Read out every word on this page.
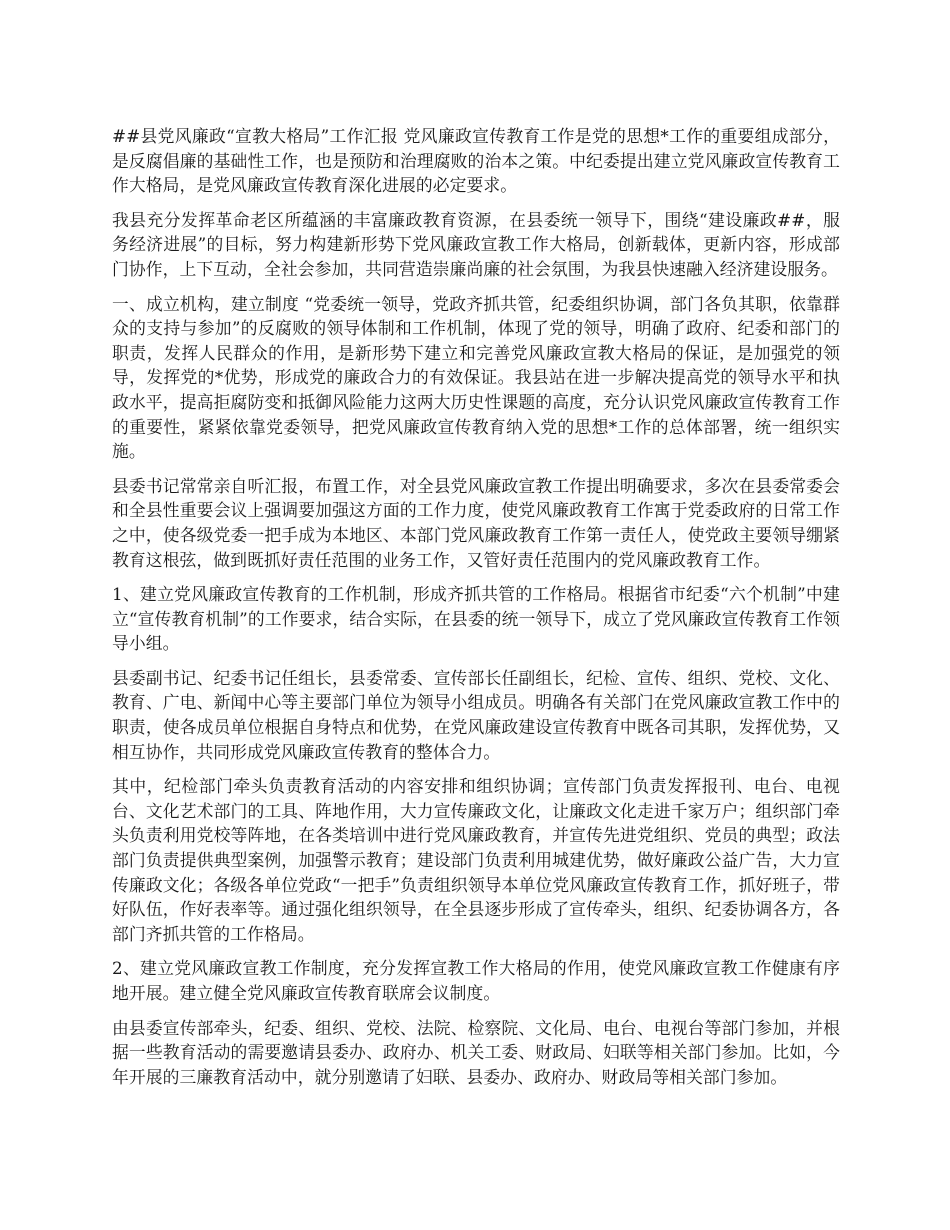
##县党风廉政“宣教大格局”工作汇报 党风廉政宣传教育工作是党的思想*工作的重要组成部分，是反腐倡廉的基础性工作，也是预防和治理腐败的治本之策。中纪委提出建立党风廉政宣传教育工作大格局，是党风廉政宣传教育深化进展的必定要求。

我县充分发挥革命老区所蕴涵的丰富廉政教育资源，在县委统一领导下，围绕“建设廉政##，服务经济进展”的目标，努力构建新形势下党风廉政宣教工作大格局，创新载体，更新内容，形成部门协作，上下互动，全社会参加，共同营造崇廉尚廉的社会氛围，为我县快速融入经济建设服务。

一、成立机构，建立制度 “党委统一领导，党政齐抓共管，纪委组织协调，部门各负其职，依靠群众的支持与参加”的反腐败的领导体制和工作机制，体现了党的领导，明确了政府、纪委和部门的职责，发挥人民群众的作用，是新形势下建立和完善党风廉政宣教大格局的保证，是加强党的领导，发挥党的*优势，形成党的廉政合力的有效保证。我县站在进一步解决提高党的领导水平和执政水平，提高拒腐防变和抵御风险能力这两大历史性课题的高度，充分认识党风廉政宣传教育工作的重要性，紧紧依靠党委领导，把党风廉政宣传教育纳入党的思想*工作的总体部署，统一组织实施。

县委书记常常亲自听汇报，布置工作，对全县党风廉政宣教工作提出明确要求，多次在县委常委会和全县性重要会议上强调要加强这方面的工作力度，使党风廉政教育工作寓于党委政府的日常工作之中，使各级党委一把手成为本地区、本部门党风廉政教育工作第一责任人，使党政主要领导绷紧教育这根弦，做到既抓好责任范围的业务工作，又管好责任范围内的党风廉政教育工作。

1、建立党风廉政宣传教育的工作机制，形成齐抓共管的工作格局。根据省市纪委“六个机制”中建立“宣传教育机制”的工作要求，结合实际，在县委的统一领导下，成立了党风廉政宣传教育工作领导小组。

县委副书记、纪委书记任组长，县委常委、宣传部长任副组长，纪检、宣传、组织、党校、文化、教育、广电、新闻中心等主要部门单位为领导小组成员。明确各有关部门在党风廉政宣教工作中的职责，使各成员单位根据自身特点和优势，在党风廉政建设宣传教育中既各司其职，发挥优势，又相互协作，共同形成党风廉政宣传教育的整体合力。

其中，纪检部门牵头负责教育活动的内容安排和组织协调；宣传部门负责发挥报刊、电台、电视台、文化艺术部门的工具、阵地作用，大力宣传廉政文化，让廉政文化走进千家万户；组织部门牵头负责利用党校等阵地，在各类培训中进行党风廉政教育，并宣传先进党组织、党员的典型；政法部门负责提供典型案例，加强警示教育；建设部门负责利用城建优势，做好廉政公益广告，大力宣传廉政文化；各级各单位党政“一把手”负责组织领导本单位党风廉政宣传教育工作，抓好班子，带好队伍，作好表率等。通过强化组织领导，在全县逐步形成了宣传牵头，组织、纪委协调各方，各部门齐抓共管的工作格局。

2、建立党风廉政宣教工作制度，充分发挥宣教工作大格局的作用，使党风廉政宣教工作健康有序地开展。建立健全党风廉政宣传教育联席会议制度。

由县委宣传部牵头，纪委、组织、党校、法院、检察院、文化局、电台、电视台等部门参加，并根据一些教育活动的需要邀请县委办、政府办、机关工委、财政局、妇联等相关部门参加。比如，今年开展的三廉教育活动中，就分别邀请了妇联、县委办、政府办、财政局等相关部门参加。
